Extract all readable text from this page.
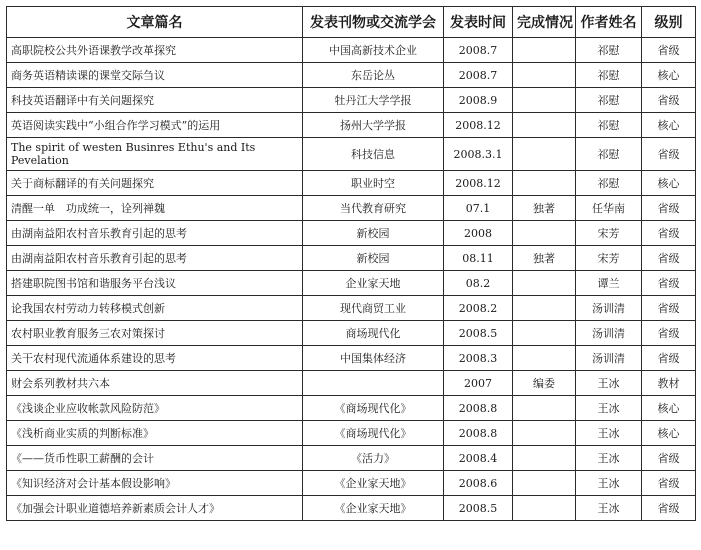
文章篇名	发表刊物或交流学会	发表时间	完成情况	作者姓名	级别
高职院校公共外语课教学改革探究	中国高新技术企业	2008.7		祁慰	省级
商务英语精读课的课堂交际刍议	东岳论丛	2008.7		祁慰	核心
科技英语翻译中有关问题探究	牡丹江大学学报	2008.9		祁慰	省级
英语阅读实践中“小组合作学习模式”的运用	扬州大学学报	2008.12		祁慰	核心
The spirit of westen Businres Ethu's and Its Pevelation	科技信息	2008.3.1		祁慰	省级
关于商标翻译的有关问题探究	职业时空	2008.12		祁慰	核心
清醒一单　功成统一，诠列禅魏	当代教育研究	07.1	独著	任华南	省级
由湖南益阳农村音乐教育引起的思考	新校园	2008		宋芳	省级
由湖南益阳农村音乐教育引起的思考	新校园	08.11	独著	宋芳	省级
搭建职院图书馆和谐服务平台浅议	企业家天地	08.2		谭兰	省级
论我国农村劳动力转移模式创新	现代商贸工业	2008.2		汤训清	省级
农村职业教育服务三农对策探讨	商场现代化	2008.5		汤训清	省级
关干农村现代流通体系建设的思考	中国集体经济	2008.3		汤训清	省级
财会系列教材共六本		2007	编委	王冰	教材
《浅谈企业应收帐款风险防范》	《商场现代化》	2008.8		王冰	核心
《浅析商业实质的判断标准》	《商场现代化》	2008.8		王冰	核心
《——货币性职工薪酬的会计	《活力》	2008.4		王冰	省级
《知识经济对会计基本假设影响》	《企业家天地》	2008.6		王冰	省级
《加强会计职业道德培养新素质会计人才》	《企业家天地》	2008.5		王冰	省级
